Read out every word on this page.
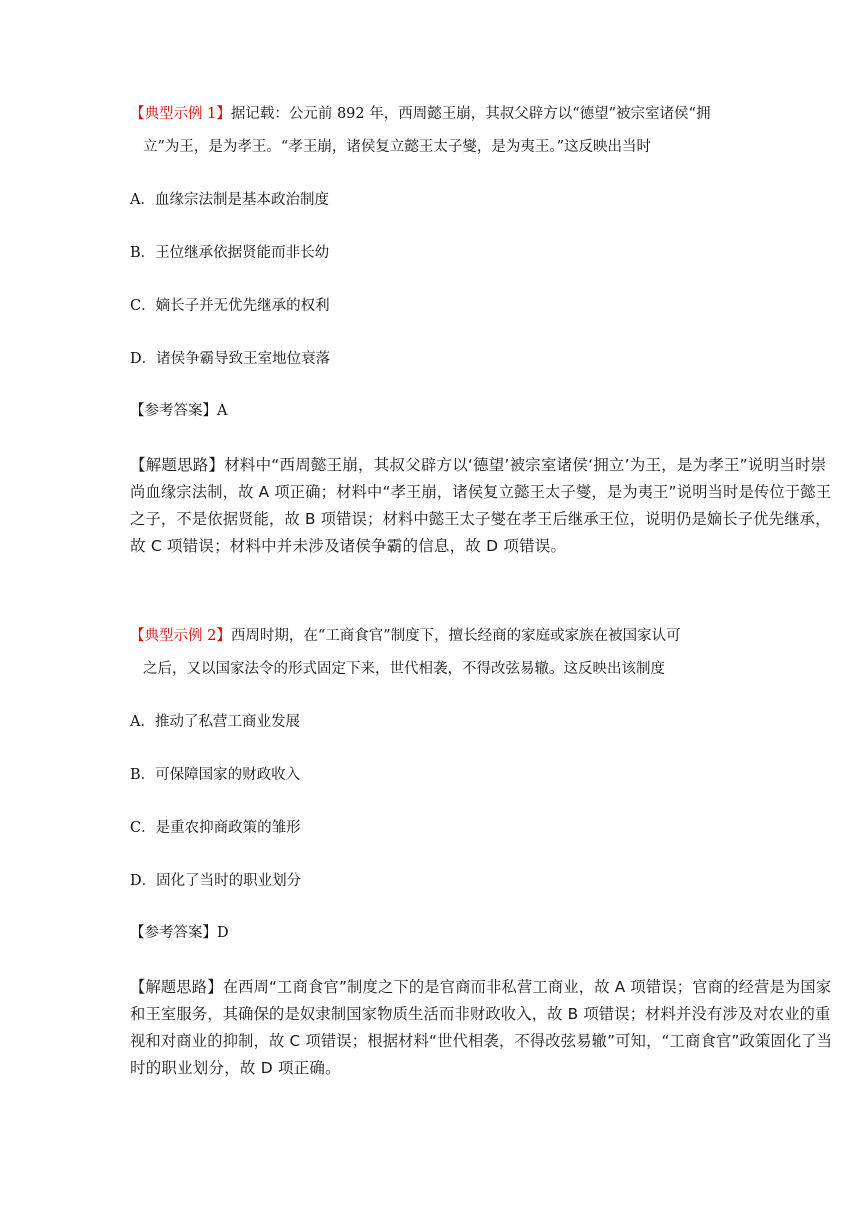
【典型示例 1】据记载：公元前 892 年，西周懿王崩，其叔父辟方以“德望”被宗室诸侯“拥
立”为王，是为孝王。“孝王崩，诸侯复立懿王太子燮，是为夷王。”这反映出当时
A．血缘宗法制是基本政治制度
B．王位继承依据贤能而非长幼
C．嫡长子并无优先继承的权利
D．诸侯争霸导致王室地位衰落
【参考答案】A
【解题思路】材料中“西周懿王崩，其叔父辟方以‘德望’被宗室诸侯‘拥立’为王，是为孝王”说明当时崇
尚血缘宗法制，故 A 项正确；材料中“孝王崩，诸侯复立懿王太子燮，是为夷王”说明当时是传位于懿王
之子，不是依据贤能，故 B 项错误；材料中懿王太子燮在孝王后继承王位，说明仍是嫡长子优先继承，
故 C 项错误；材料中并未涉及诸侯争霸的信息，故 D 项错误。
【典型示例 2】西周时期，在“工商食官”制度下，擅长经商的家庭或家族在被国家认可
之后，又以国家法令的形式固定下来，世代相袭，不得改弦易辙。这反映出该制度
A．推动了私营工商业发展
B．可保障国家的财政收入
C．是重农抑商政策的雏形
D．固化了当时的职业划分
【参考答案】D
【解题思路】在西周“工商食官”制度之下的是官商而非私营工商业，故 A 项错误；官商的经营是为国家
和王室服务，其确保的是奴隶制国家物质生活而非财政收入，故 B 项错误；材料并没有涉及对农业的重
视和对商业的抑制，故 C 项错误；根据材料“世代相袭，不得改弦易辙”可知，“工商食官”政策固化了当
时的职业划分，故 D 项正确。
